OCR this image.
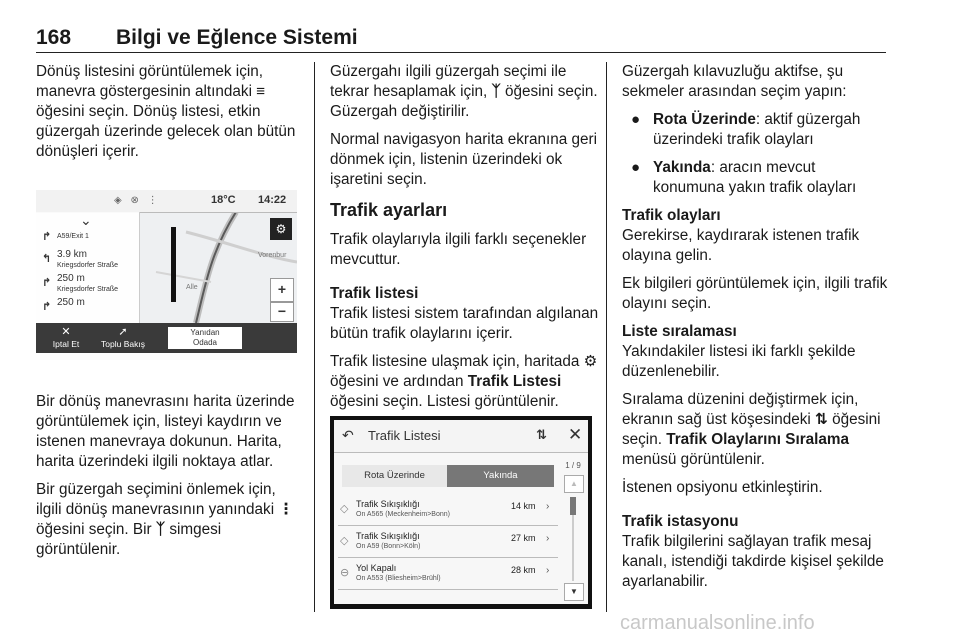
168 Bilgi ve Eğlence Sistemi

Dönüş listesini görüntülemek için, manevra göstergesinin altındaki ≡ öğesini seçin. Dönüş listesi, etkin güzergah üzerinde gelecek olan bütün dönüşleri içerir.

Vorenbur
Alle
◈ ⊗ ⋮	18°C 14:22
⌄
↱ A59/Exit 1
↰ 3.9 km
Kriegsdorfer Straße
↱ 250 m
Kriegsdorfer Straße
↱ 250 m
⚙
+
−
✕
Iptal Et
➚
Toplu Bakış
Yanıdan
Odada

Bir dönüş manevrasını harita üzerinde görüntülemek için, listeyi kaydırın ve istenen manevraya dokunun. Harita, harita üzerindeki ilgili noktaya atlar.

Bir güzergah seçimini önlemek için, ilgili dönüş manevrasının yanındaki ⋮ öğesini seçin. Bir ᛉ simgesi görüntülenir.

Güzergahı ilgili güzergah seçimi ile tekrar hesaplamak için, ᛉ öğesini seçin. Güzergah değiştirilir.

Normal navigasyon harita ekranına geri dönmek için, listenin üzerindeki ok işaretini seçin.

Trafik ayarları

Trafik olaylarıyla ilgili farklı seçenekler mevcuttur.

Trafik listesi

Trafik listesi sistem tarafından algılanan bütün trafik olaylarını içerir.

Trafik listesine ulaşmak için, haritada ⚙ öğesini ve ardından Trafik Listesi öğesini seçin. Listesi görüntülenir.

↶ Trafik Listesi	⇅ ✕
Rota Üzerinde	Yakında
◇ Trafik Sıkışıklığı
On A565 (Meckenheim>Bonn)
14 km ›
◇ Trafik Sıkışıklığı
On A59 (Bonn>Köln)
27 km ›
⊖ Yol Kapalı
On A553 (Bliesheim>Brühl)
28 km ›
1 / 9
▲
▼

Güzergah kılavuzluğu aktifse, şu sekmeler arasından seçim yapın:

● Rota Üzerinde: aktif güzergah üzerindeki trafik olayları
● Yakında: aracın mevcut konumuna yakın trafik olayları
Trafik olayları

Gerekirse, kaydırarak istenen trafik olayına gelin.

Ek bilgileri görüntülemek için, ilgili trafik olayını seçin.

Liste sıralaması

Yakındakiler listesi iki farklı şekilde düzenlenebilir.

Sıralama düzenini değiştirmek için, ekranın sağ üst köşesindeki ⇅ öğesini seçin. Trafik Olaylarını Sıralama menüsü görüntülenir.

İstenen opsiyonu etkinleştirin.

Trafik istasyonu

Trafik bilgilerini sağlayan trafik mesaj kanalı, istendiği takdirde kişisel şekilde ayarlanabilir.

carmanualsonline.info
